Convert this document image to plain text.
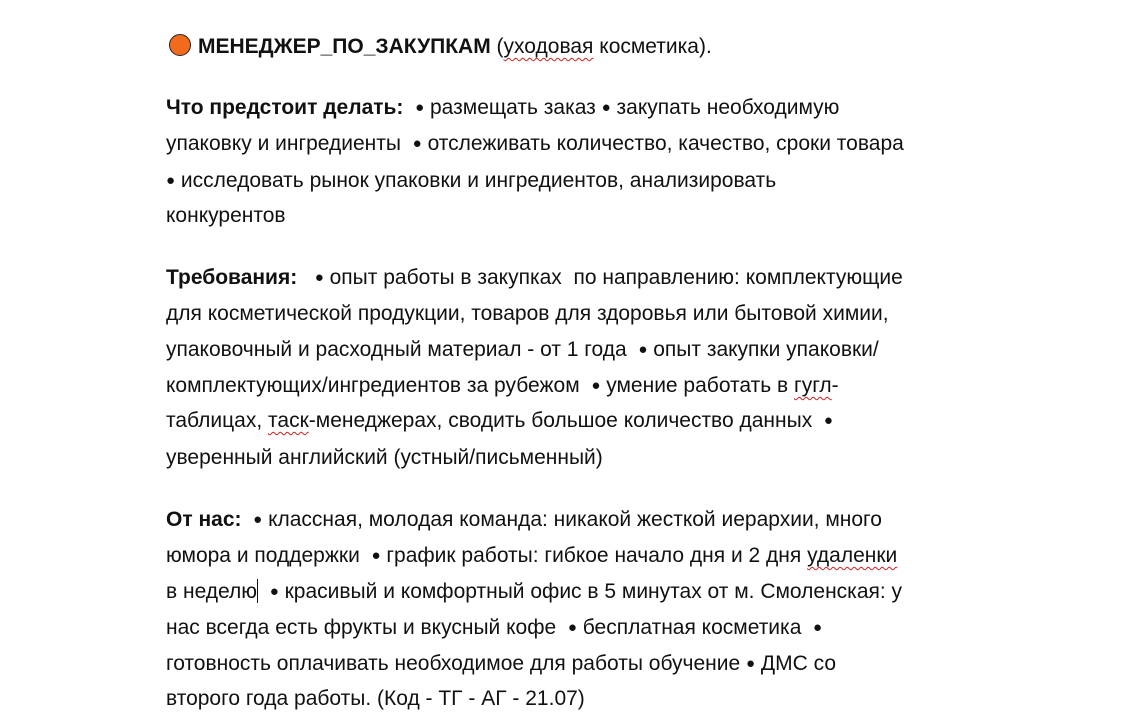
МЕНЕДЖЕР_ПО_ЗАКУПКАМ (уходовая косметика).
Что предстоит делать: ● размещать заказ ● закупать необходимую
упаковку и ингредиенты  ● отслеживать количество, качество, сроки товара
● исследовать рынок упаковки и ингредиентов, анализировать
конкурентов
Требования: ● опыт работы в закупках  по направлению: комплектующие
для косметической продукции, товаров для здоровья или бытовой химии,
упаковочный и расходный материал - от 1 года  ● опыт закупки упаковки/
комплектующих/ингредиентов за рубежом  ● умение работать в гугл-
таблицах, таск-менеджерах, сводить большое количество данных  ●
уверенный английский (устный/письменный)
От нас: ● классная, молодая команда: никакой жесткой иерархии, много
юмора и поддержки  ● график работы: гибкое начало дня и 2 дня удаленки
в неделю ● красивый и комфортный офис в 5 минутах от м. Смоленская: у
нас всегда есть фрукты и вкусный кофе  ● бесплатная косметика  ●
готовность оплачивать необходимое для работы обучение ● ДМС со
второго года работы. (Код - ТГ - АГ - 21.07)
